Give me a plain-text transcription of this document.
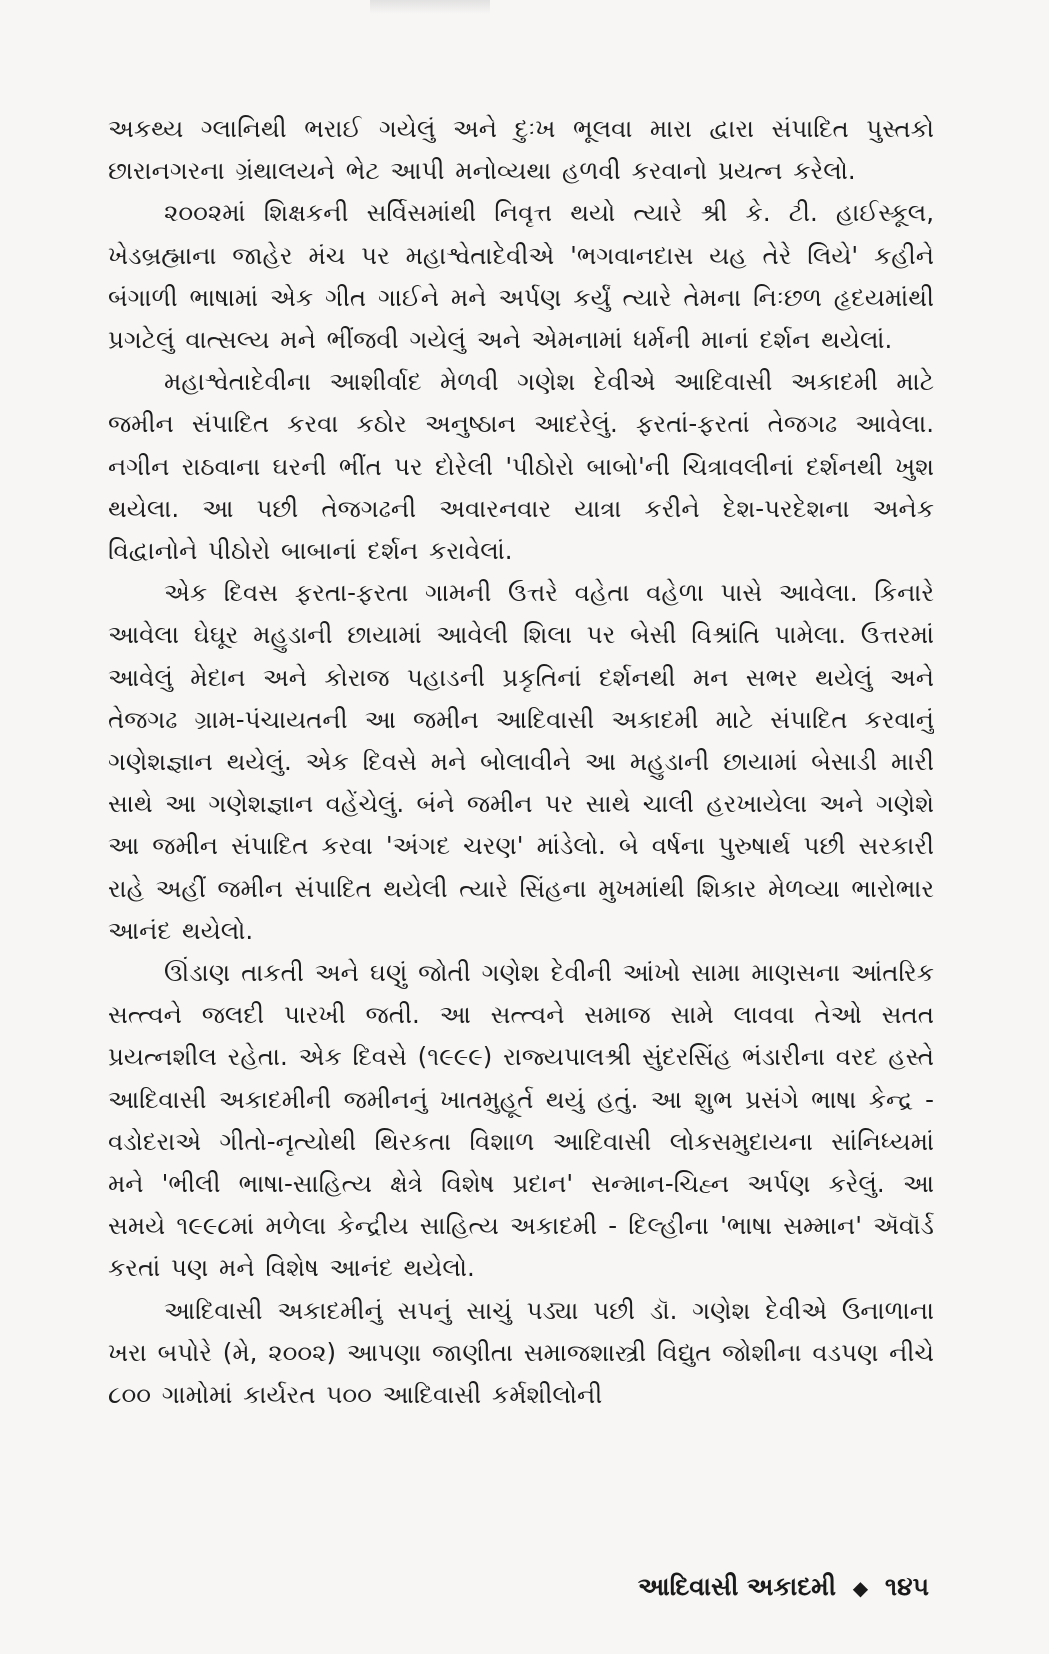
અકથ્ય ગ્લાનિથી ભરાઈ ગયેલું અને દુઃખ ભૂલવા મારા દ્વારા સંપાદિત પુસ્તકો છારાનગરના ગ્રંથાલયને ભેટ આપી મનોવ્યથા હળવી કરવાનો પ્રયત્ન કરેલો.

૨૦૦૨માં શિક્ષકની સર્વિસમાંથી નિવૃત્ત થયો ત્યારે શ્રી કે. ટી. હાઈસ્કૂલ, ખેડબ્રહ્માના જાહેર મંચ પર મહાશ્વેતાદેવીએ 'ભગવાનદાસ યહ તેરે લિયે' કહીને બંગાળી ભાષામાં એક ગીત ગાઈને મને અર્પણ કર્યું ત્યારે તેમના નિઃછળ હૃદયમાંથી પ્રગટેલું વાત્સલ્ય મને ભીંજવી ગયેલું અને એમનામાં ધર્મની માનાં દર્શન થયેલાં.

મહાશ્વેતાદેવીના આશીર્વાદ મેળવી ગણેશ દેવીએ આદિવાસી અકાદમી માટે જમીન સંપાદિત કરવા કઠોર અનુષ્ઠાન આદરેલું. ફરતાં-ફરતાં તેજગઢ આવેલા. નગીન રાઠવાના ઘરની ભીંત પર દોરેલી 'પીઠોરો બાબો'ની ચિત્રાવલીનાં દર્શનથી ખુશ થયેલા. આ પછી તેજગઢની અવારનવાર યાત્રા કરીને દેશ-પરદેશના અનેક વિદ્વાનોને પીઠોરો બાબાનાં દર્શન કરાવેલાં.

એક દિવસ ફરતા-ફરતા ગામની ઉત્તરે વહેતા વહેળા પાસે આવેલા. કિનારે આવેલા ઘેઘૂર મહુડાની છાયામાં આવેલી શિલા પર બેસી વિશ્રાંતિ પામેલા. ઉત્તરમાં આવેલું મેદાન અને કોરાજ પહાડની પ્રકૃતિનાં દર્શનથી મન સભર થયેલું અને તેજગઢ ગ્રામ-પંચાયતની આ જમીન આદિવાસી અકાદમી માટે સંપાદિત કરવાનું ગણેશજ્ઞાન થયેલું. એક દિવસે મને બોલાવીને આ મહુડાની છાયામાં બેસાડી મારી સાથે આ ગણેશજ્ઞાન વહેંચેલું. બંને જમીન પર સાથે ચાલી હરખાયેલા અને ગણેશે આ જમીન સંપાદિત કરવા 'અંગદ ચરણ' માંડેલો. બે વર્ષના પુરુષાર્થ પછી સરકારી રાહે અહીં જમીન સંપાદિત થયેલી ત્યારે સિંહના મુખમાંથી શિકાર મેળવ્યા ભારોભાર આનંદ થયેલો.

ઊંડાણ તાકતી અને ઘણું જોતી ગણેશ દેવીની આંખો સામા માણસના આંતરિક સત્ત્વને જલદી પારખી જતી. આ સત્ત્વને સમાજ સામે લાવવા તેઓ સતત પ્રયત્નશીલ રહેતા. એક દિવસે (૧૯૯૯) રાજ્યપાલશ્રી સુંદરસિંહ ભંડારીના વરદ હસ્તે આદિવાસી અકાદમીની જમીનનું ખાતમુહૂર્ત થયું હતું. આ શુભ પ્રસંગે ભાષા કેન્દ્ર - વડોદરાએ ગીતો-નૃત્યોથી થિરકતા વિશાળ આદિવાસી લોકસમુદાયના સાંનિધ્યમાં મને 'ભીલી ભાષા-સાહિત્ય ક્ષેત્રે વિશેષ પ્રદાન' સન્માન-ચિહ્ન અર્પણ કરેલું. આ સમયે ૧૯૯૮માં મળેલા કેન્દ્રીય સાહિત્ય અકાદમી - દિલ્હીના 'ભાષા સમ્માન' ઍવૉર્ડ કરતાં પણ મને વિશેષ આનંદ થયેલો.

આદિવાસી અકાદમીનું સપનું સાચું પડ્યા પછી ડૉ. ગણેશ દેવીએ ઉનાળાના ખરા બપોરે (મે, ૨૦૦૨) આપણા જાણીતા સમાજશાસ્ત્રી વિદ્યુત જોશીના વડપણ નીચે ૮૦૦ ગામોમાં કાર્યરત ૫૦૦ આદિવાસી કર્મશીલોની

આદિવાસી અકાદમી ◆ ૧૪૫
